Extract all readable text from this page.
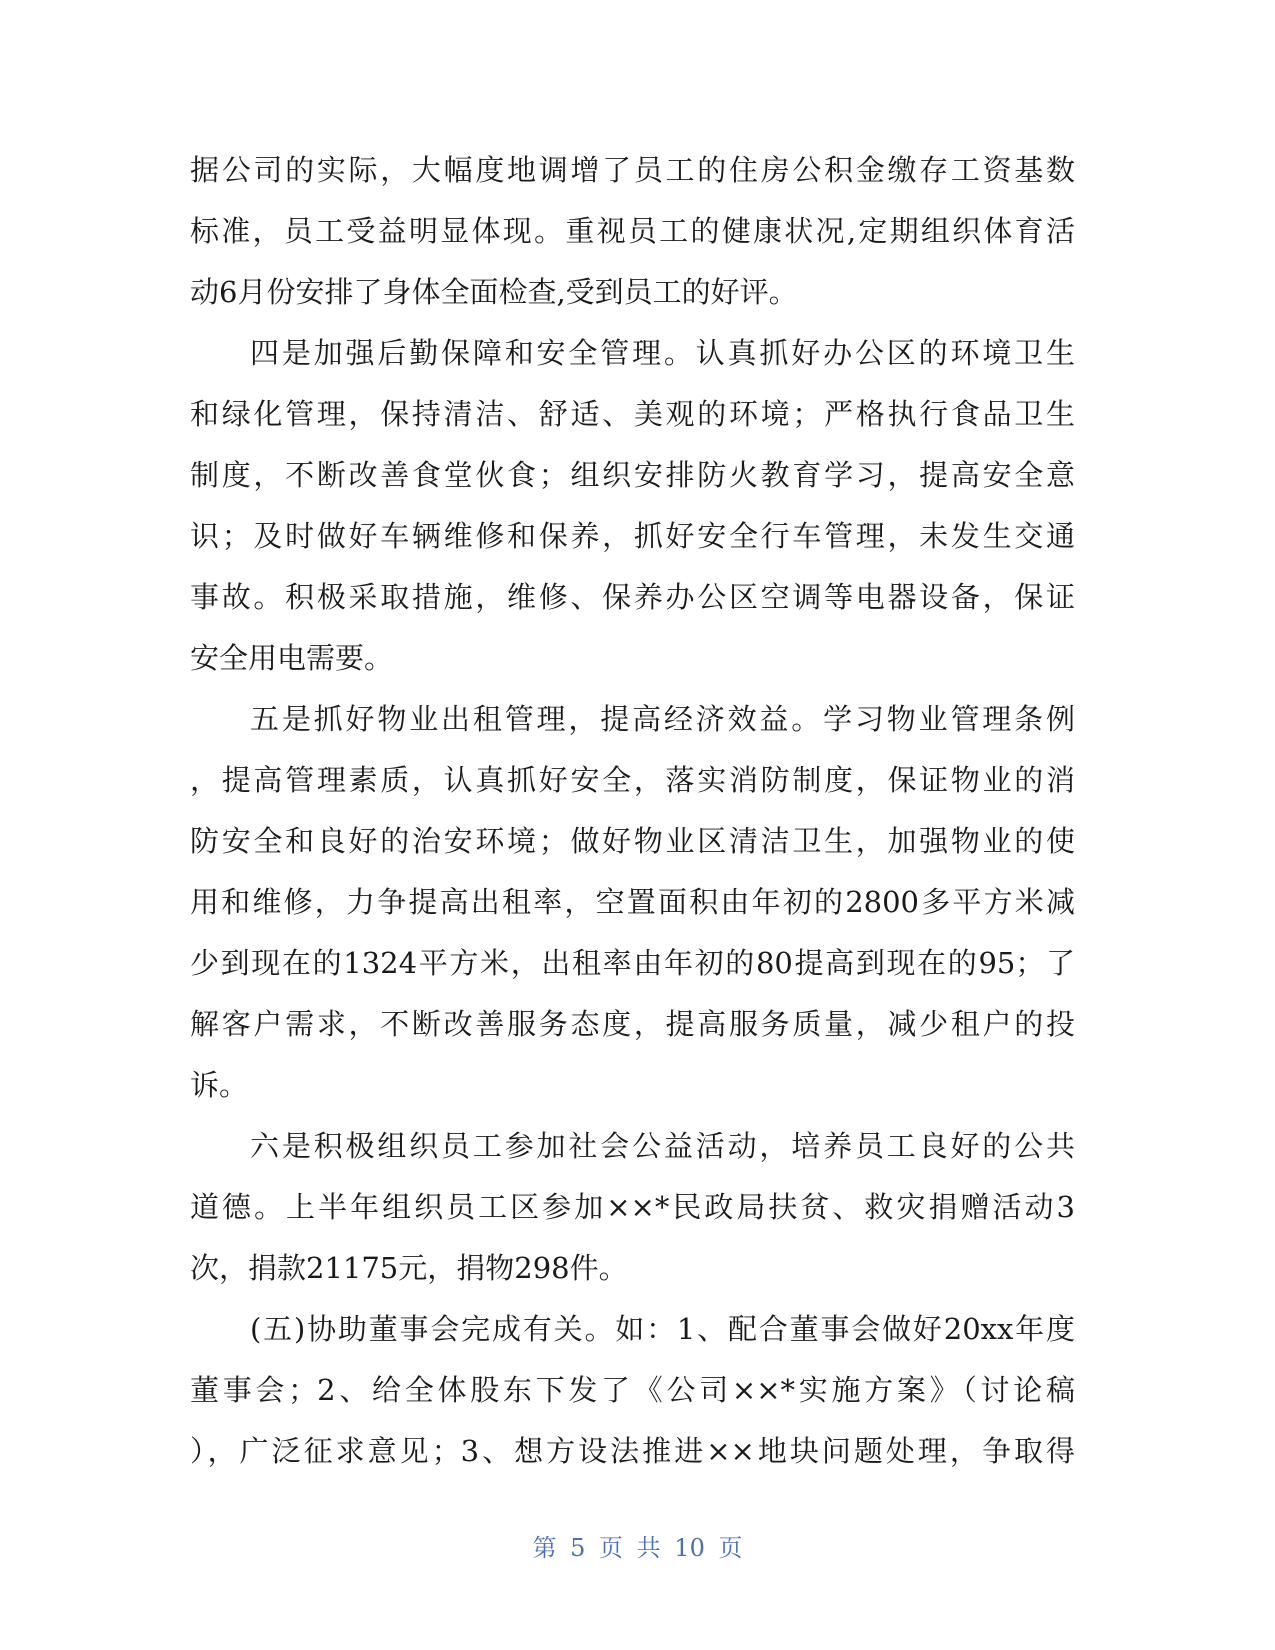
据公司的实际，大幅度地调增了员工的住房公积金缴存工资基数
标准，员工受益明显体现。重视员工的健康状况,定期组织体育活
动6月份安排了身体全面检查,受到员工的好评。
四是加强后勤保障和安全管理。认真抓好办公区的环境卫生
和绿化管理，保持清洁、舒适、美观的环境；严格执行食品卫生
制度，不断改善食堂伙食；组织安排防火教育学习，提高安全意
识；及时做好车辆维修和保养，抓好安全行车管理，未发生交通
事故。积极采取措施，维修、保养办公区空调等电器设备，保证
安全用电需要。
五是抓好物业出租管理，提高经济效益。学习物业管理条例
，提高管理素质，认真抓好安全，落实消防制度，保证物业的消
防安全和良好的治安环境；做好物业区清洁卫生，加强物业的使
用和维修，力争提高出租率，空置面积由年初的2800多平方米减
少到现在的1324平方米，出租率由年初的80提高到现在的95；了
解客户需求，不断改善服务态度，提高服务质量，减少租户的投
诉。
六是积极组织员工参加社会公益活动，培养员工良好的公共
道德。上半年组织员工区参加××*民政局扶贫、救灾捐赠活动3
次，捐款21175元，捐物298件。
(五)协助董事会完成有关。如：1、配合董事会做好20xx年度
董事会；2、给全体股东下发了《公司××*实施方案》（讨论稿
），广泛征求意见；3、想方设法推进××地块问题处理，争取得
第 5 页 共 10 页
